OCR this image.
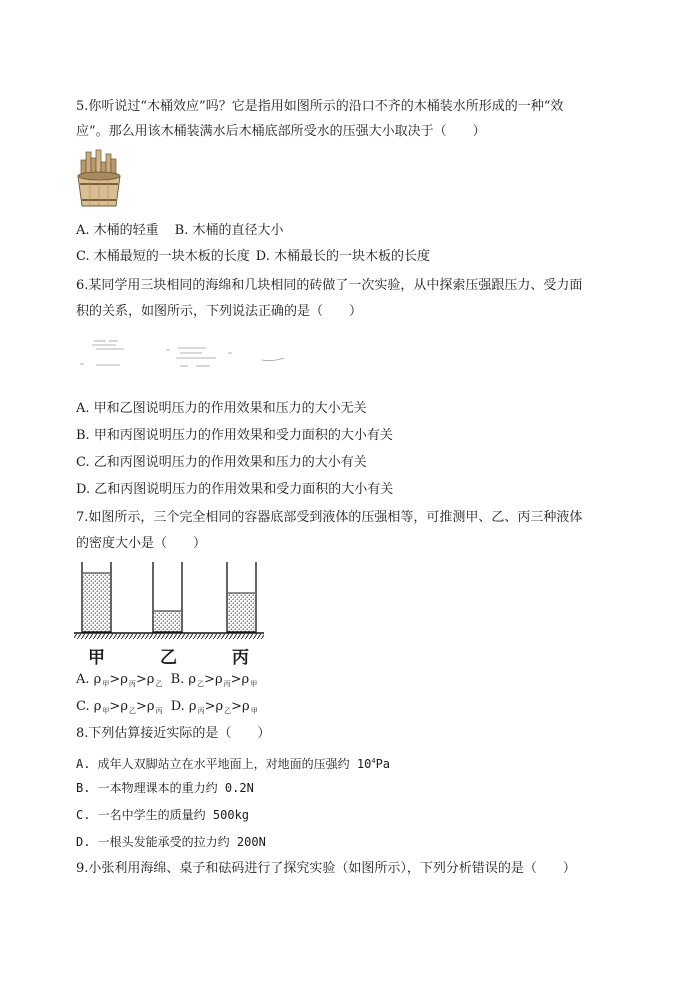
5.你听说过“木桶效应”吗？它是指用如图所示的沿口不齐的木桶装水所形成的一种“效
应”。那么用该木桶装满水后木桶底部所受水的压强大小取决于（　　）
A. 木桶的轻重 B. 木桶的直径大小
C. 木桶最短的一块木板的长度 D. 木桶最长的一块木板的长度
6.某同学用三块相同的海绵和几块相同的砖做了一次实验，从中探索压强跟压力、受力面
积的关系，如图所示，下列说法正确的是（　　）
A. 甲和乙图说明压力的作用效果和压力的大小无关
B. 甲和丙图说明压力的作用效果和受力面积的大小有关
C. 乙和丙图说明压力的作用效果和压力的大小有关
D. 乙和丙图说明压力的作用效果和受力面积的大小有关
7.如图所示，三个完全相同的容器底部受到液体的压强相等，可推测甲、乙、丙三种液体
的密度大小是（　　）
甲	乙	丙
A. $\rho_甲>\rho_丙>\rho_乙$ B. $\rho_乙>\rho_丙>\rho_甲$
C. $\rho_甲>\rho_乙>\rho_丙$ D. $\rho_丙>\rho_乙>\rho_甲$
8.下列估算接近实际的是（　　）
A. 成年人双脚站立在水平地面上，对地面的压强约 $10^4Pa$
B. 一本物理课本的重力约 0.2N
C. 一名中学生的质量约 500kg
D. 一根头发能承受的拉力约 200N
9.小张利用海绵、桌子和砝码进行了探究实验（如图所示），下列分析错误的是（　　）
